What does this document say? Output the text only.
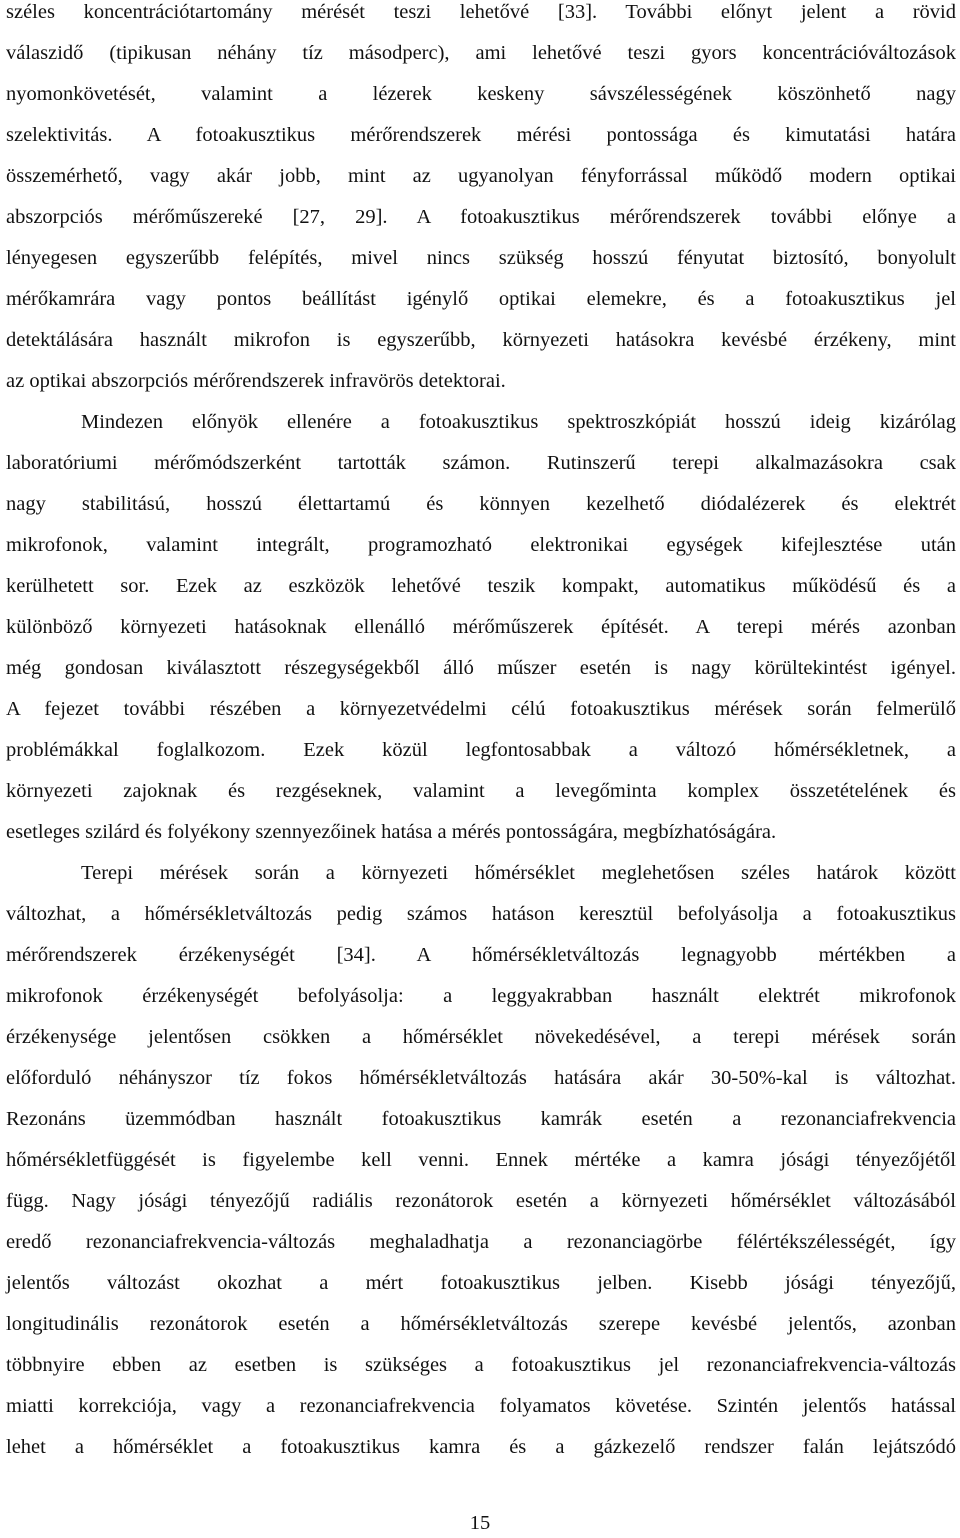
széles koncentrációtartomány mérését teszi lehetővé [33]. További előnyt jelent a rövid
válaszidő (tipikusan néhány tíz másodperc), ami lehetővé teszi gyors koncentrációváltozások
nyomonkövetését, valamint a lézerek keskeny sávszélességének köszönhető nagy
szelektivitás. A fotoakusztikus mérőrendszerek mérési pontossága és kimutatási határa
összemérhető, vagy akár jobb, mint az ugyanolyan fényforrással működő modern optikai
abszorpciós mérőműszereké [27, 29]. A fotoakusztikus mérőrendszerek további előnye a
lényegesen egyszerűbb felépítés, mivel nincs szükség hosszú fényutat biztosító, bonyolult
mérőkamrára vagy pontos beállítást igénylő optikai elemekre, és a fotoakusztikus jel
detektálására használt mikrofon is egyszerűbb, környezeti hatásokra kevésbé érzékeny, mint
az optikai abszorpciós mérőrendszerek infravörös detektorai.
Mindezen előnyök ellenére a fotoakusztikus spektroszkópiát hosszú ideig kizárólag
laboratóriumi mérőmódszerként tartották számon. Rutinszerű terepi alkalmazásokra csak
nagy stabilitású, hosszú élettartamú és könnyen kezelhető diódalézerek és elektrét
mikrofonok, valamint integrált, programozható elektronikai egységek kifejlesztése után
kerülhetett sor. Ezek az eszközök lehetővé teszik kompakt, automatikus működésű és a
különböző környezeti hatásoknak ellenálló mérőműszerek építését. A terepi mérés azonban
még gondosan kiválasztott részegységekből álló műszer esetén is nagy körültekintést igényel.
A fejezet további részében a környezetvédelmi célú fotoakusztikus mérések során felmerülő
problémákkal foglalkozom. Ezek közül legfontosabbak a változó hőmérsékletnek, a
környezeti zajoknak és rezgéseknek, valamint a levegőminta komplex összetételének és
esetleges szilárd és folyékony szennyezőinek hatása a mérés pontosságára, megbízhatóságára.
Terepi mérések során a környezeti hőmérséklet meglehetősen széles határok között
változhat, a hőmérsékletváltozás pedig számos hatáson keresztül befolyásolja a fotoakusztikus
mérőrendszerek érzékenységét [34]. A hőmérsékletváltozás legnagyobb mértékben a
mikrofonok érzékenységét befolyásolja: a leggyakrabban használt elektrét mikrofonok
érzékenysége jelentősen csökken a hőmérséklet növekedésével, a terepi mérések során
előforduló néhányszor tíz fokos hőmérsékletváltozás hatására akár 30-50%-kal is változhat.
Rezonáns üzemmódban használt fotoakusztikus kamrák esetén a rezonanciafrekvencia
hőmérsékletfüggését is figyelembe kell venni. Ennek mértéke a kamra jósági tényezőjétől
függ. Nagy jósági tényezőjű radiális rezonátorok esetén a környezeti hőmérséklet változásából
eredő rezonanciafrekvencia-változás meghaladhatja a rezonanciagörbe félértékszélességét, így
jelentős változást okozhat a mért fotoakusztikus jelben. Kisebb jósági tényezőjű,
longitudinális rezonátorok esetén a hőmérsékletváltozás szerepe kevésbé jelentős, azonban
többnyire ebben az esetben is szükséges a fotoakusztikus jel rezonanciafrekvencia-változás
miatti korrekciója, vagy a rezonanciafrekvencia folyamatos követése. Szintén jelentős hatással
lehet a hőmérséklet a fotoakusztikus kamra és a gázkezelő rendszer falán lejátszódó
15
